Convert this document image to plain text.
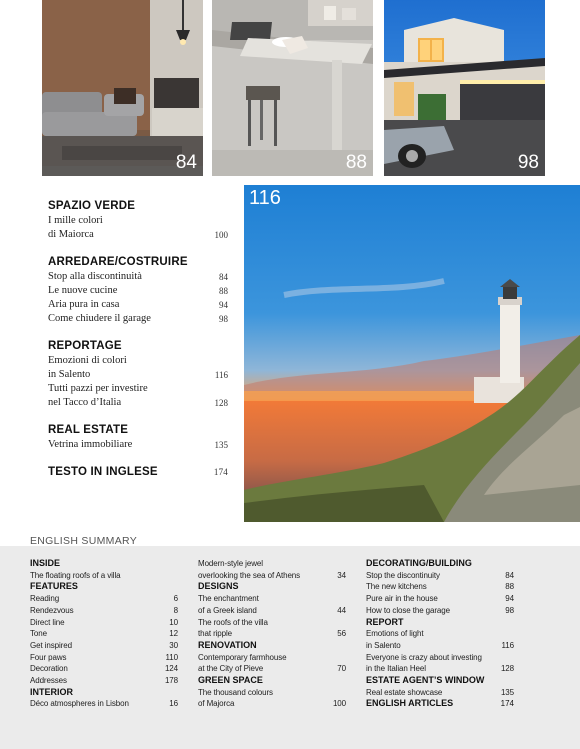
84	88	98
116
SPAZIO VERDE
I mille colori
di Maiorca	100
ARREDARE/COSTRUIRE
Stop alla discontinuità	84
Le nuove cucine	88
Aria pura in casa	94
Come chiudere il garage	98
REPORTAGE
Emozioni di colori
in Salento	116
Tutti pazzi per investire
nel Tacco d’Italia	128
REAL ESTATE
Vetrina immobiliare	135
TESTO IN INGLESE	174
ENGLISH SUMMARY
INSIDE
The floating roofs of a villa
FEATURES
Reading	6
Rendezvous	8
Direct line	10
Tone	12
Get inspired	30
Four paws	110
Decoration	124
Addresses	178
INTERIOR
Déco atmospheres in Lisbon	16
Modern-style jewel
overlooking the sea of Athens	34
DESIGNS
The enchantment
of a Greek island	44
The roofs of the villa
that ripple	56
RENOVATION
Contemporary farmhouse
at the City of Pieve	70
GREEN SPACE
The thousand colours
of Majorca	100
DECORATING/BUILDING
Stop the discontinuity	84
The new kitchens	88
Pure air in the house	94
How to close the garage	98
REPORT
Emotions of light
in Salento	116
Everyone is crazy about investing
in the Italian Heel	128
ESTATE AGENT’S WINDOW
Real estate showcase	135
ENGLISH ARTICLES	174
